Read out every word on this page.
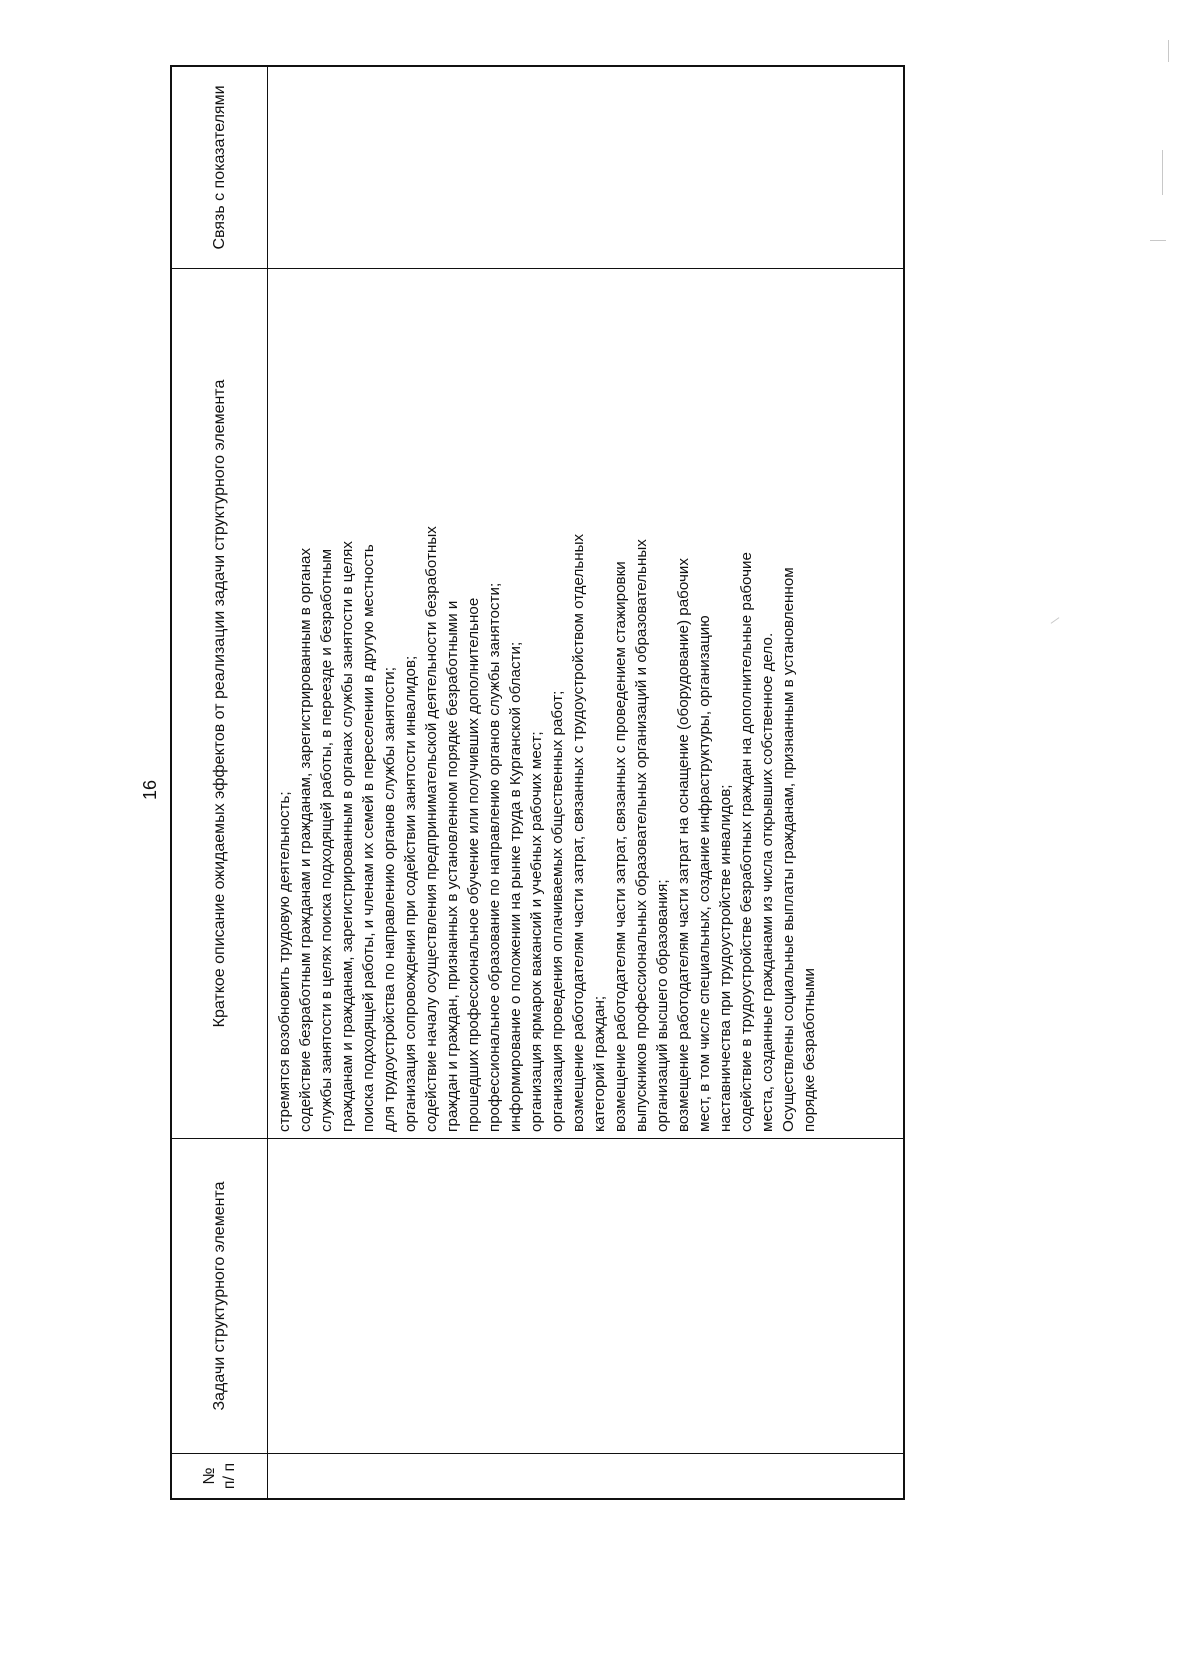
16
№ п/ п
Задачи структурного элемента
Краткое описание ожидаемых эффектов от реализации задачи структурного элемента
Связь с показателями
стремятся возобновить трудовую деятельность; содействие безработным гражданам и гражданам, зарегистрированным в органах службы занятости в целях поиска подходящей работы, в переезде и безработным гражданам и гражданам, зарегистрированным в органах службы занятости в целях поиска подходящей работы, и членам их семей в переселении в другую местность для трудоустройства по направлению органов службы занятости; организация сопровождения при содействии занятости инвалидов; содействие началу осуществления предпринимательской деятельности безработных граждан и граждан, признанных в установленном порядке безработными и прошедших профессиональное обучение или получивших дополнительное профессиональное образование по направлению органов службы занятости; информирование о положении на рынке труда в Курганской области; организация ярмарок вакансий и учебных рабочих мест; организация проведения оплачиваемых общественных работ; возмещение работодателям части затрат, связанных с трудоустройством отдельных категорий граждан; возмещение работодателям части затрат, связанных с проведением стажировки выпускников профессиональных образовательных организаций и образовательных организаций высшего образования; возмещение работодателям части затрат на оснащение (оборудование) рабочих мест, в том числе специальных, создание инфраструктуры, организацию наставничества при трудоустройстве инвалидов; содействие в трудоустройстве безработных граждан на дополнительные рабочие места, созданные гражданами из числа открывших собственное дело. Осуществлены социальные выплаты гражданам, признанным в установленном порядке безработными
